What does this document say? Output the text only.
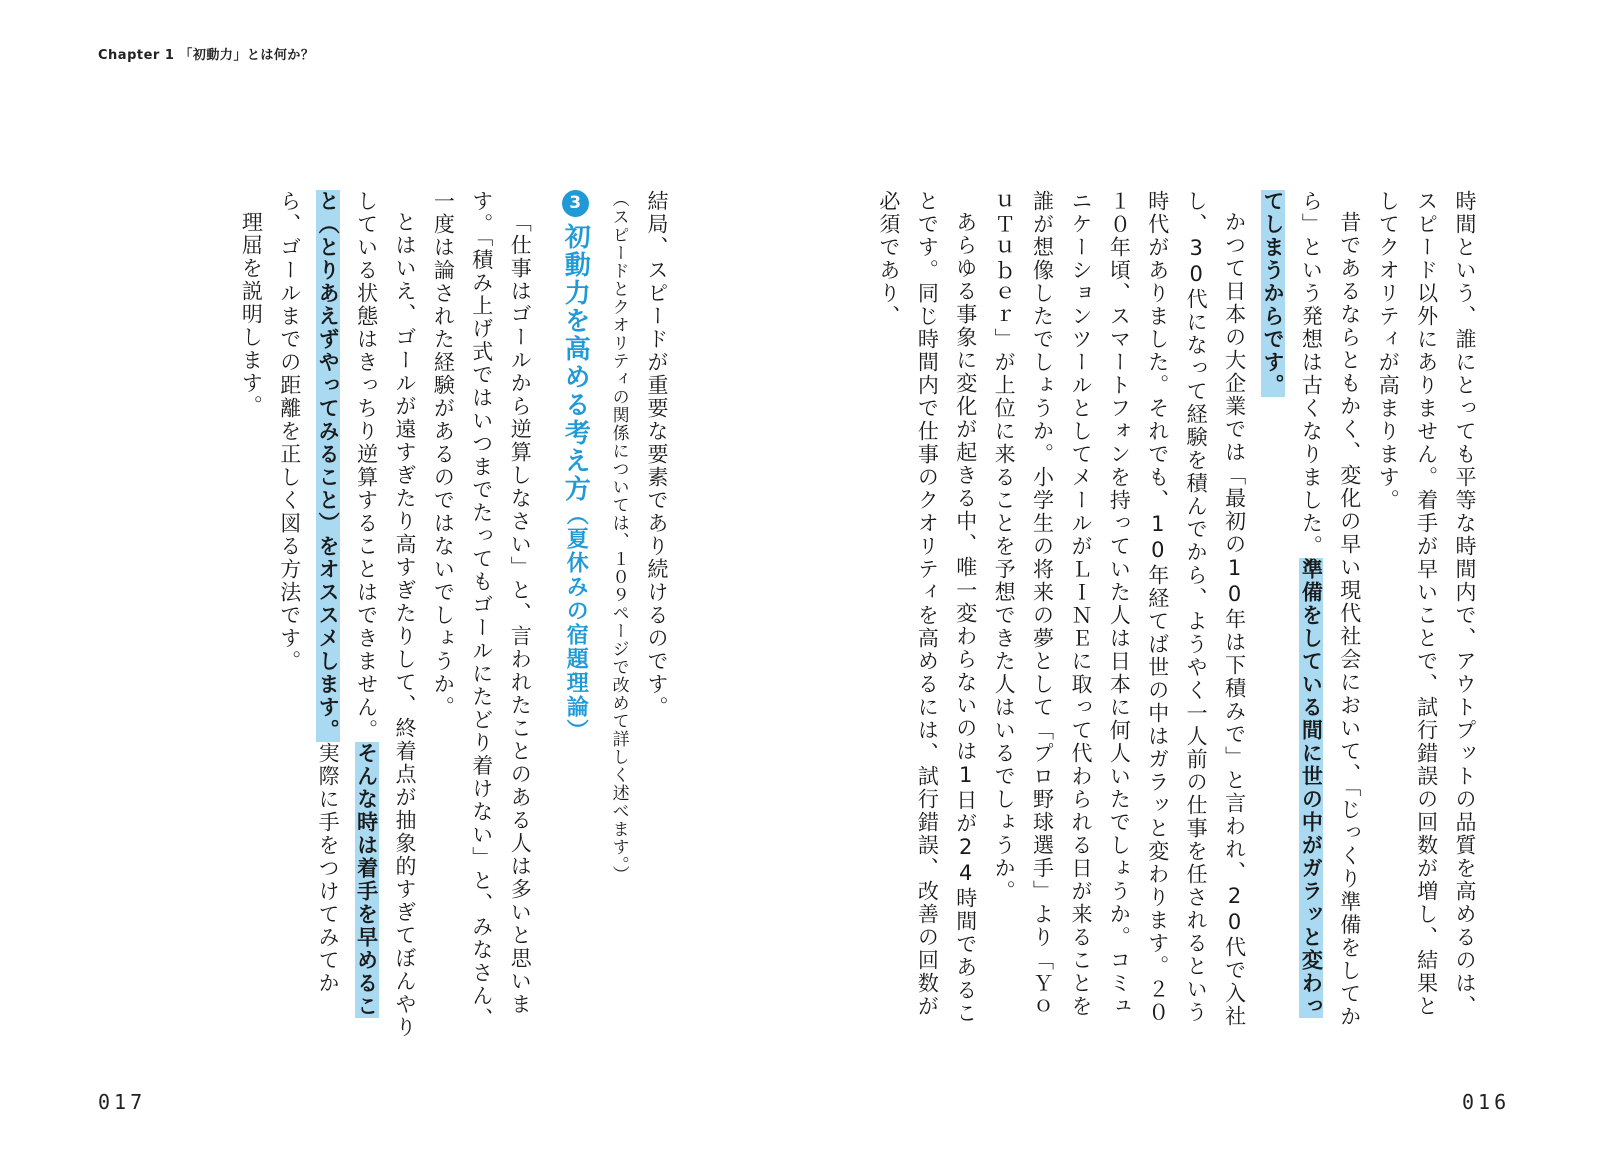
Chapter 1 「初動力」とは何か？

時間という、誰にとっても平等な時間内で、アウトプットの品質を高めるのは、スピード以外にありません。着手が早いことで、試行錯誤の回数が増し、結果としてクオリティが高まります。

昔であるならともかく、変化の早い現代社会において、「じっくり準備をしてから」という発想は古くなりました。準備をしている間に世の中がガラッと変わってしまうからです。

かつて日本の大企業では「最初の10年は下積みで」と言われ、20代で入社し、30代になって経験を積んでから、ようやく一人前の仕事を任されるという時代がありました。それでも、10年経てば世の中はガラッと変わります。２０１０年頃、スマートフォンを持っていた人は日本に何人いたでしょうか。コミュニケーションツールとしてメールがＬＩＮＥに取って代わられる日が来ることを誰が想像したでしょうか。小学生の将来の夢として「プロ野球選手」より「ＹｏｕＴｕｂｅｒ」が上位に来ることを予想できた人はいるでしょうか。

あらゆる事象に変化が起きる中、唯一変わらないのは1日が24時間であることです。同じ時間内で仕事のクオリティを高めるには、試行錯誤、改善の回数が必須であり、

結局、スピードが重要な要素であり続けるのです。

（スピードとクオリティの関係については、１０９ページで改めて詳しく述べます。）

3初動力を高める考え方（夏休みの宿題理論）

「仕事はゴールから逆算しなさい」と、言われたことのある人は多いと思います。「積み上げ式ではいつまでたってもゴールにたどり着けない」と、みなさん、一度は論された経験があるのではないでしょうか。

とはいえ、ゴールが遠すぎたり高すぎたりして、終着点が抽象的すぎてぼんやりしている状態はきっちり逆算することはできません。そんな時は着手を早めること（とりあえずやってみること）をオススメします。実際に手をつけてみてから、ゴールまでの距離を正しく図る方法です。

理屈を説明します。

017	016
